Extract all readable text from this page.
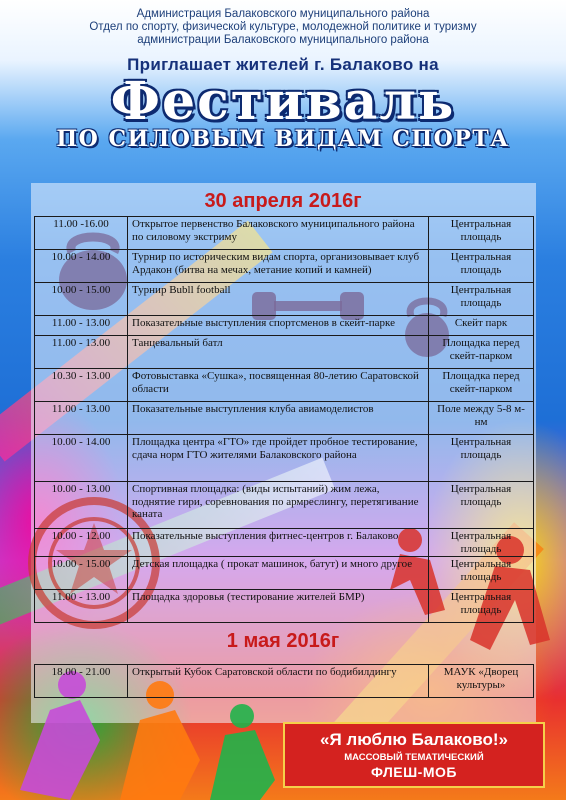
Администрация Балаковского муниципального района
Отдел по спорту, физической культуре, молодежной политике и туризму
администрации Балаковского муниципального района
Приглашает жителей г. Балаково на
Фестиваль
ПО СИЛОВЫМ ВИДАМ СПОРТА
30 апреля 2016г
11.00 -16.00	Открытое первенство Балаковского муниципального района по силовому экстриму	Центральная площадь
10.00 - 14.00	Турнир по историческим видам спорта, организовывает клуб Ардакон (битва на мечах, метание копий и камней)	Центральная площадь
10.00 - 15.00	Турнир Bubll football	Центральная площадь
11.00 - 13.00	Показательные выступления спортсменов в скейт-парке	Скейт парк
11.00 - 13.00	Танцевальный батл	Площадка перед скейт-парком
10.30 - 13.00	Фотовыставка «Сушка», посвященная 80-летию Саратовской области	Площадка перед скейт-парком
11.00 - 13.00	Показательные выступления клуба авиамоделистов	Поле между 5-8 м-нм
10.00 - 14.00	Площадка центра «ГТО» где пройдет пробное тестирование, сдача норм ГТО жителями Балаковского района	Центральная площадь
10.00 - 13.00	Спортивная площадка: (виды испытаний) жим лежа, поднятие гири, соревнования по армреслингу, перетягивание каната	Центральная площадь
10.00 - 12.00	Показательные выступления фитнес-центров г. Балаково	Центральная площадь
10.00 - 15.00	Детская площадка ( прокат машинок, батут) и много другое	Центральная площадь
11.00 - 13.00	Площадка здоровья (тестирование жителей БМР)	Центральная площадь
1 мая 2016г
18.00 - 21.00	Открытый Кубок Саратовской области по бодибилдингу	МАУК «Дворец культуры»
«Я люблю Балаково!»
МАССОВЫЙ ТЕМАТИЧЕСКИЙ
ФЛЕШ-МОБ
